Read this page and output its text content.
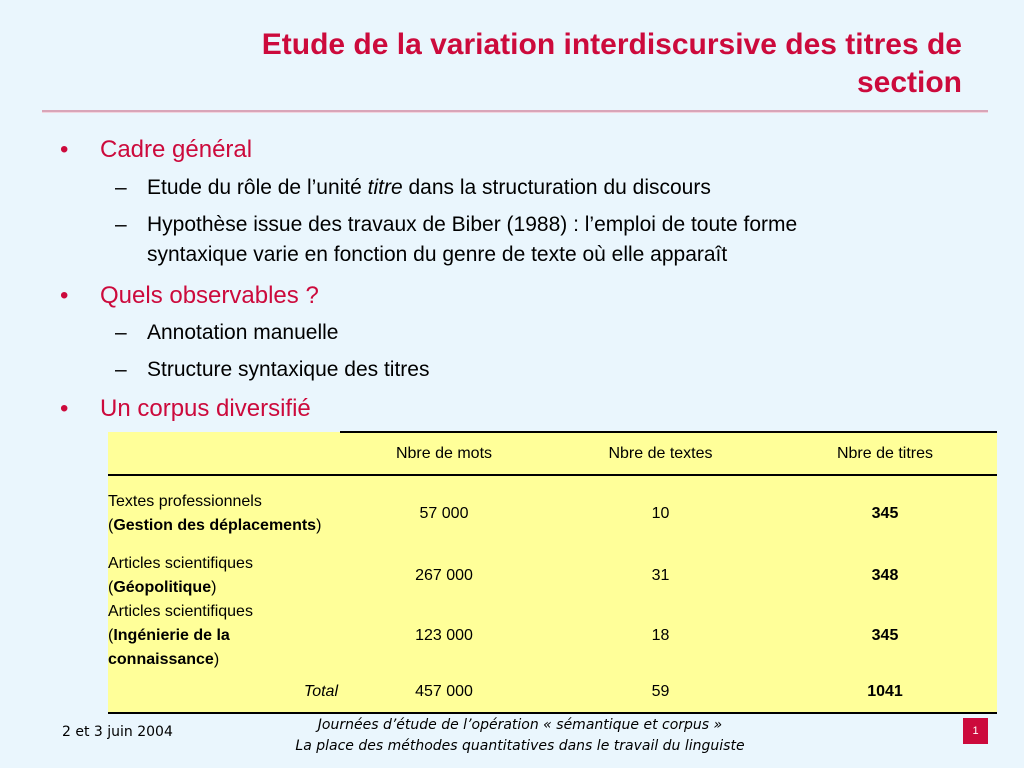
Etude de la variation interdiscursive des titres de
section
• Cadre général
– Etude du rôle de l’unité titre dans la structuration du discours
– Hypothèse issue des travaux de Biber (1988) : l’emploi de toute forme
syntaxique varie en fonction du genre de texte où elle apparaît
• Quels observables ?
– Annotation manuelle
– Structure syntaxique des titres
• Un corpus diversifié
	Nbre de mots	Nbre de textes	Nbre de titres
Textes professionnels
(Gestion des déplacements)	57 000	10	345
Articles scientifiques
(Géopolitique)	267 000	31	348
Articles scientifiques
(Ingénierie de la connaissance)	123 000	18	345
Total	457 000	59	1041
2 et 3 juin 2004	Journées d’étude de l’opération « sémantique et corpus »
La place des méthodes quantitatives dans le travail du linguiste
1
